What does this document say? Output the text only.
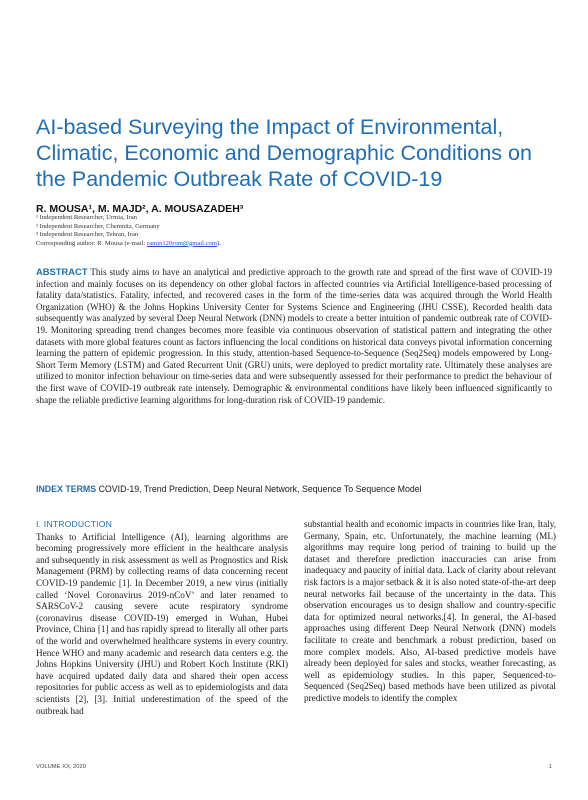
AI-based Surveying the Impact of Environmental, Climatic, Economic and Demographic Conditions on the Pandemic Outbreak Rate of COVID-19
R. MOUSA¹, M. MAJD², A. MOUSAZADEH³
¹ Independent Researcher, Urmia, Iran
² Independent Researcher, Chemnitz, Germany
³ Independent Researcher, Tehran, Iran
Corresponding author: R. Mousa (e-mail: ramin120rom@gmail.com).

ABSTRACT This study aims to have an analytical and predictive approach to the growth rate and spread of the first wave of COVID-19 infection and mainly focuses on its dependency on other global factors in affected countries via Artificial Intelligence-based processing of fatality data/statistics. Fatality, infected, and recovered cases in the form of the time-series data was acquired through the World Health Organization (WHO) & the Johns Hopkins University Center for Systems Science and Engineering (JHU CSSE). Recorded health data subsequently was analyzed by several Deep Neural Network (DNN) models to create a better intuition of pandemic outbreak rate of COVID-19. Monitoring spreading trend changes becomes more feasible via continuous observation of statistical pattern and integrating the other datasets with more global features count as factors influencing the local conditions on historical data conveys pivotal information concerning learning the pattern of epidemic progression. In this study, attention-based Sequence-to-Sequence (Seq2Seq) models empowered by Long-Short Term Memory (LSTM) and Gated Recurrent Unit (GRU) units, were deployed to predict mortality rate. Ultimately these analyses are utilized to monitor infection behaviour on time-series data and were subsequently assessed for their performance to predict the behaviour of the first wave of COVID-19 outbreak rate intensely. Demographic & environmental conditions have likely been influenced significantly to shape the reliable predictive learning algorithms for long-duration risk of COVID-19 pandemic.

INDEX TERMS COVID-19, Trend Prediction, Deep Neural Network, Sequence To Sequence Model
I. INTRODUCTION

Thanks to Artificial Intelligence (AI), learning algorithms are becoming progressively more efficient in the healthcare analysis and subsequently in risk assessment as well as Prognostics and Risk Management (PRM) by collecting reams of data concerning recent COVID-19 pandemic [1]. In December 2019, a new virus (initially called ‘Novel Coronavirus 2019-nCoV’ and later renamed to SARSCoV-2 causing severe acute respiratory syndrome (coronavirus disease COVID-19) emerged in Wuhan, Hubei Province, China [1] and has rapidly spread to literally all other parts of the world and overwhelmed healthcare systems in every country. Hence WHO and many academic and research data centers e.g. the Johns Hopkins University (JHU) and Robert Koch Institute (RKI) have acquired updated daily data and shared their open access repositories for public access as well as to epidemiologists and data scientists [2], [3]. Initial underestimation of the speed of the outbreak had

substantial health and economic impacts in countries like Iran, Italy, Germany, Spain, etc. Unfortunately, the machine learning (ML) algorithms may require long period of training to build up the dataset and therefore prediction inaccuracies can arise from inadequacy and paucity of initial data. Lack of clarity about relevant risk factors is a major setback & it is also noted state-of-the-art deep neural networks fail because of the uncertainty in the data. This observation encourages us to design shallow and country-specific data for optimized neural networks.[4]. In general, the AI-based approaches using different Deep Neural Network (DNN) models facilitate to create and benchmark a robust prediction, based on more complex models. Also, AI-based predictive models have already been deployed for sales and stocks, weather forecasting, as well as epidemiology studies. In this paper, Sequenced-to-Sequenced (Seq2Seq) based methods have been utilized as pivotal predictive models to identify the complex

VOLUME XX, 2020	1
